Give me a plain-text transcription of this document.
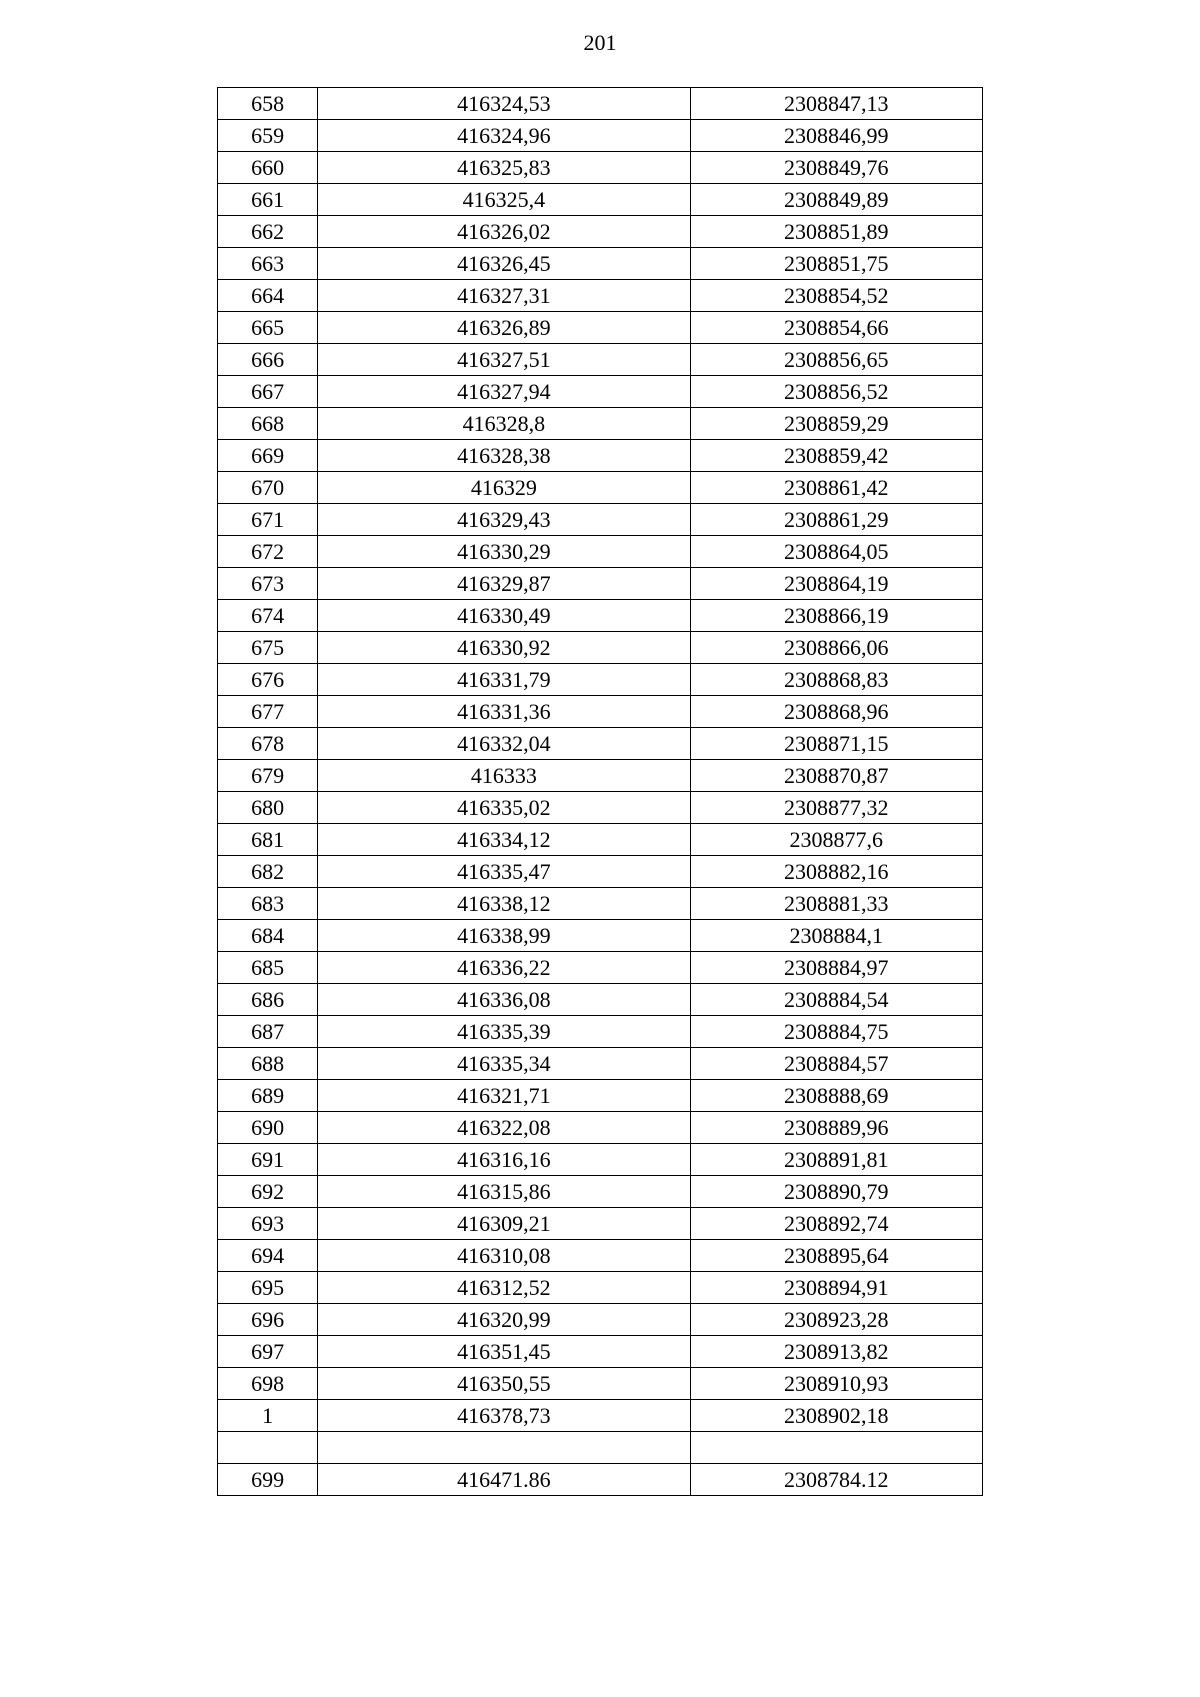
201
658	416324,53	2308847,13
659	416324,96	2308846,99
660	416325,83	2308849,76
661	416325,4	2308849,89
662	416326,02	2308851,89
663	416326,45	2308851,75
664	416327,31	2308854,52
665	416326,89	2308854,66
666	416327,51	2308856,65
667	416327,94	2308856,52
668	416328,8	2308859,29
669	416328,38	2308859,42
670	416329	2308861,42
671	416329,43	2308861,29
672	416330,29	2308864,05
673	416329,87	2308864,19
674	416330,49	2308866,19
675	416330,92	2308866,06
676	416331,79	2308868,83
677	416331,36	2308868,96
678	416332,04	2308871,15
679	416333	2308870,87
680	416335,02	2308877,32
681	416334,12	2308877,6
682	416335,47	2308882,16
683	416338,12	2308881,33
684	416338,99	2308884,1
685	416336,22	2308884,97
686	416336,08	2308884,54
687	416335,39	2308884,75
688	416335,34	2308884,57
689	416321,71	2308888,69
690	416322,08	2308889,96
691	416316,16	2308891,81
692	416315,86	2308890,79
693	416309,21	2308892,74
694	416310,08	2308895,64
695	416312,52	2308894,91
696	416320,99	2308923,28
697	416351,45	2308913,82
698	416350,55	2308910,93
1	416378,73	2308902,18

699	416471.86	2308784.12
